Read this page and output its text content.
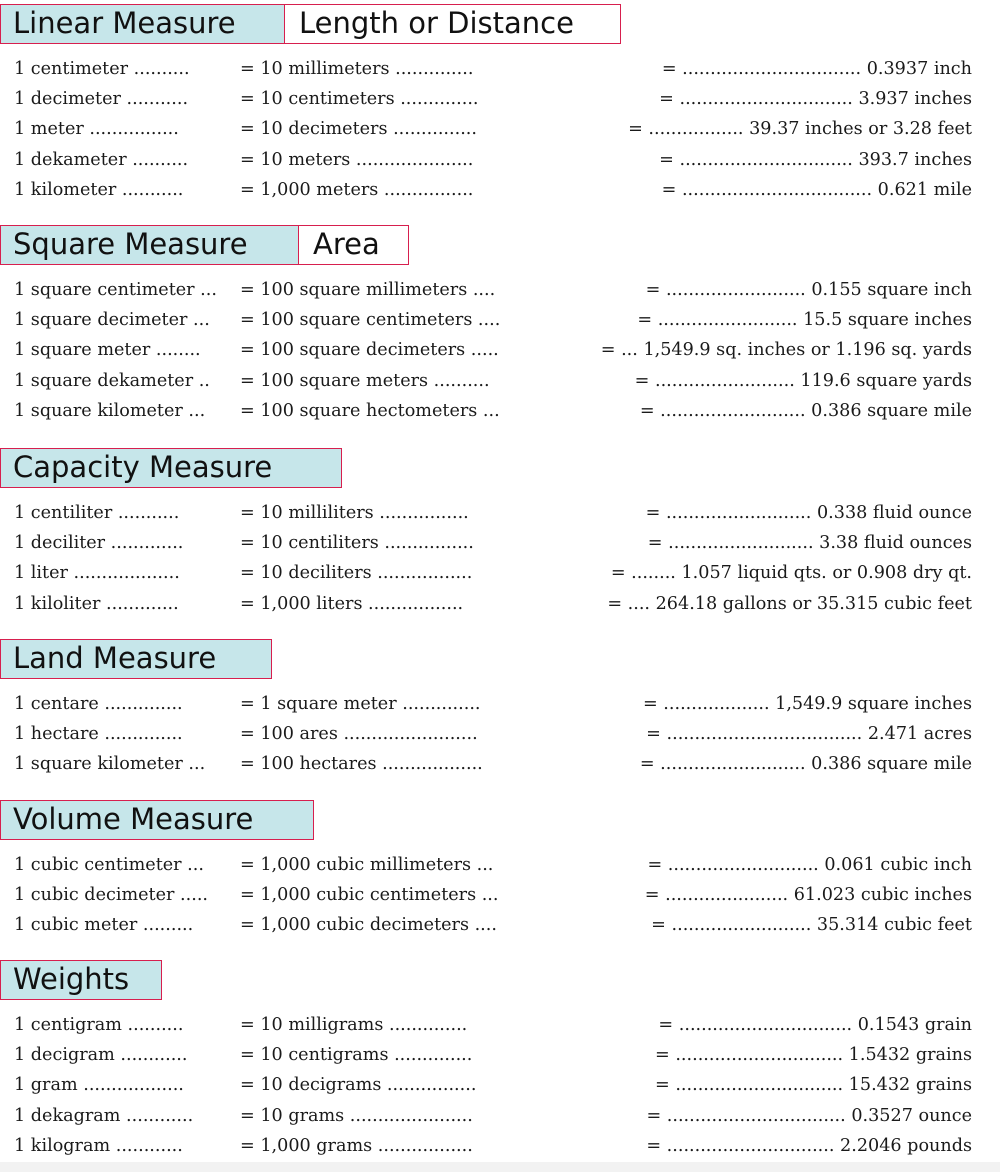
Linear Measure	Length or Distance
1 centimeter ..........	= 10 millimeters ..............	= ................................ 0.3937 inch
1 decimeter ...........	= 10 centimeters ..............	= ............................... 3.937 inches
1 meter ................	= 10 decimeters ...............	= ................. 39.37 inches or 3.28 feet
1 dekameter ..........	= 10 meters .....................	= ............................... 393.7 inches
1 kilometer ...........	= 1,000 meters ................	= .................................. 0.621 mile
Square Measure	Area
1 square centimeter ...	= 100 square millimeters ....	= ......................... 0.155 square inch
1 square decimeter ...	= 100 square centimeters ....	= ......................... 15.5 square inches
1 square meter ........	= 100 square decimeters .....	= ... 1,549.9 sq. inches or 1.196 sq. yards
1 square dekameter ..	= 100 square meters ..........	= ......................... 119.6 square yards
1 square kilometer ...	= 100 square hectometers ...	= .......................... 0.386 square mile
Capacity Measure
1 centiliter ...........	= 10 milliliters ................	= .......................... 0.338 fluid ounce
1 deciliter .............	= 10 centiliters ................	= .......................... 3.38 fluid ounces
1 liter ...................	= 10 deciliters .................	= ........ 1.057 liquid qts. or 0.908 dry qt.
1 kiloliter .............	= 1,000 liters .................	= .... 264.18 gallons or 35.315 cubic feet
Land Measure
1 centare ..............	= 1 square meter ..............	= ................... 1,549.9 square inches
1 hectare ..............	= 100 ares ........................	= ................................... 2.471 acres
1 square kilometer ...	= 100 hectares ..................	= .......................... 0.386 square mile
Volume Measure
1 cubic centimeter ...	= 1,000 cubic millimeters ...	= ........................... 0.061 cubic inch
1 cubic decimeter .....	= 1,000 cubic centimeters ...	= ...................... 61.023 cubic inches
1 cubic meter .........	= 1,000 cubic decimeters ....	= ......................... 35.314 cubic feet
Weights
1 centigram ..........	= 10 milligrams ..............	= ............................... 0.1543 grain
1 decigram ............	= 10 centigrams ..............	= .............................. 1.5432 grains
1 gram ..................	= 10 decigrams ................	= .............................. 15.432 grains
1 dekagram ............	= 10 grams ......................	= ................................ 0.3527 ounce
1 kilogram ............	= 1,000 grams .................	= .............................. 2.2046 pounds
